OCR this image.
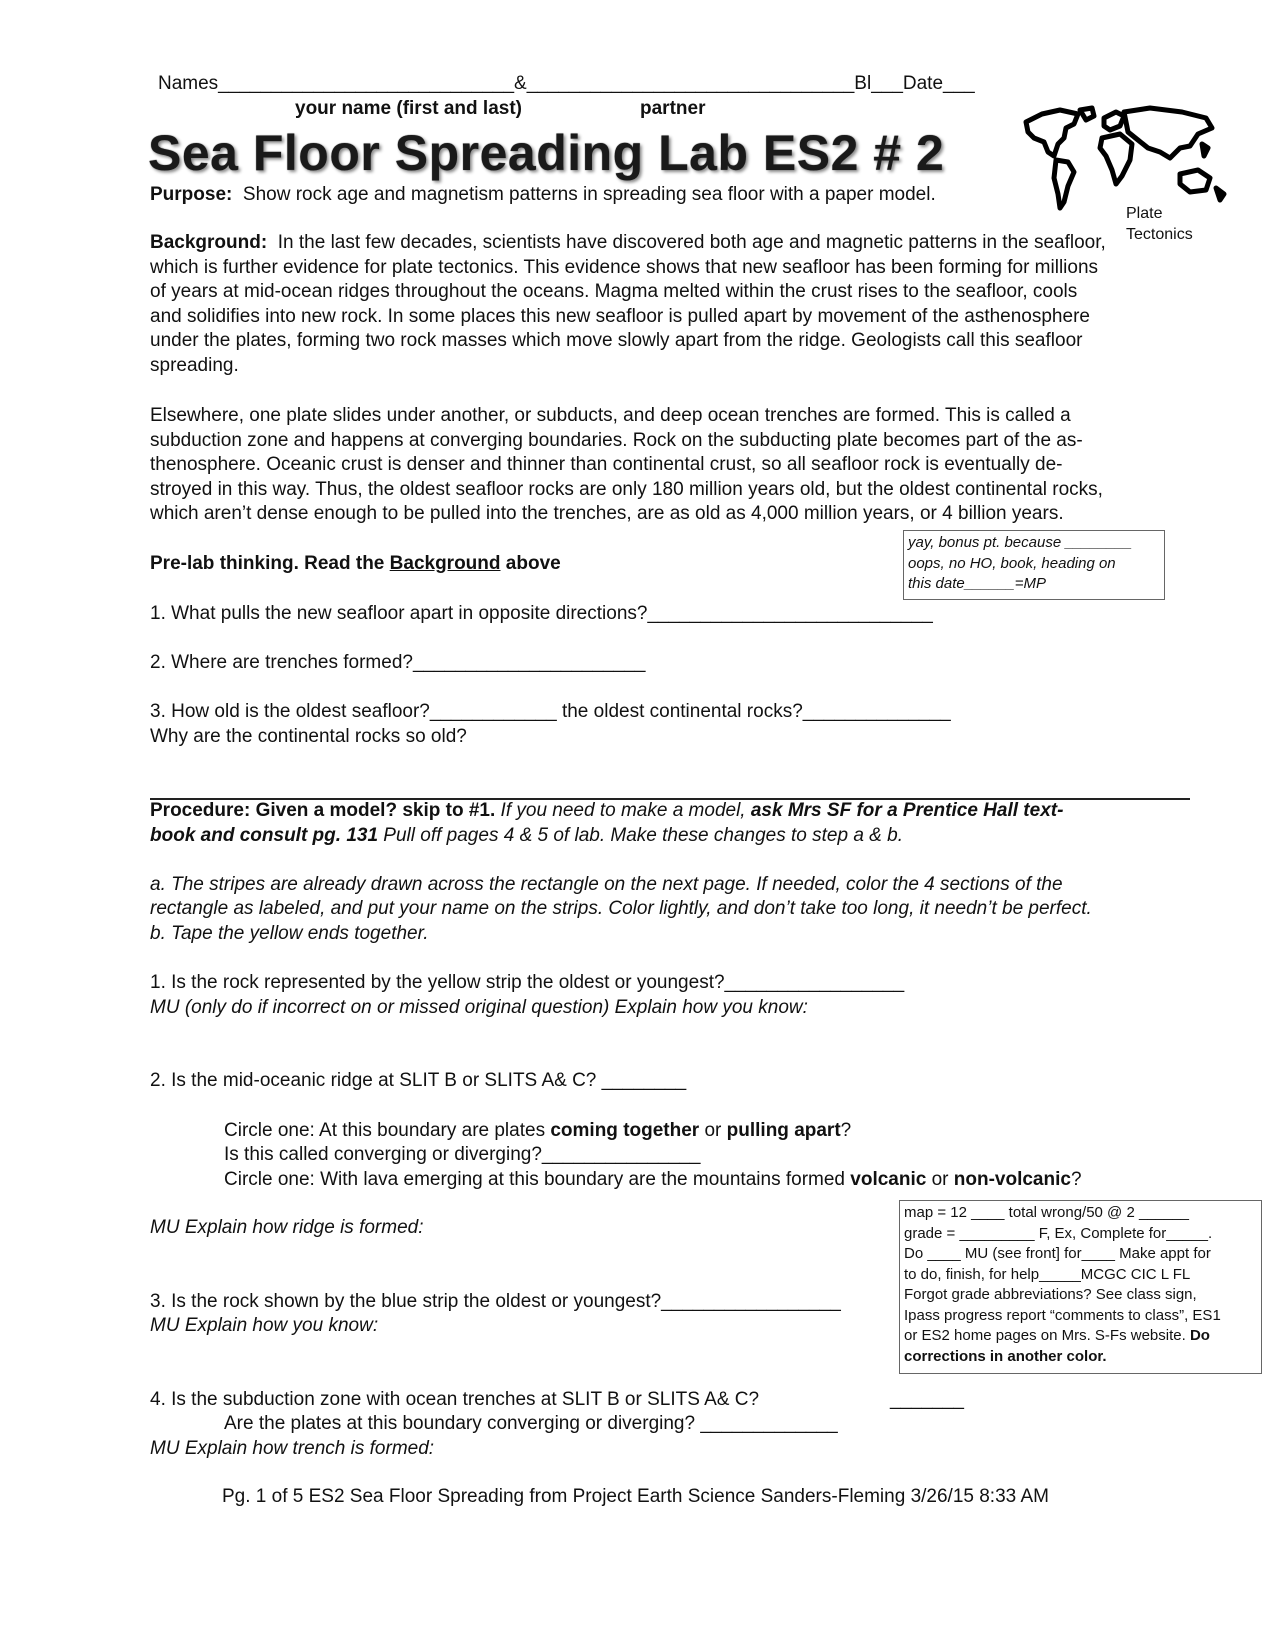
Names____________________________&_______________________________Bl___Date___
your name (first and last)	partner
Sea Floor Spreading Lab ES2 # 2
Plate
Tectonics
Purpose: Show rock age and magnetism patterns in spreading sea floor with a paper model.
Background: In the last few decades, scientists have discovered both age and magnetic patterns in the seafloor,
which is further evidence for plate tectonics. This evidence shows that new seafloor has been forming for millions
of years at mid-ocean ridges throughout the oceans. Magma melted within the crust rises to the seafloor, cools
and solidifies into new rock. In some places this new seafloor is pulled apart by movement of the asthenosphere
under the plates, forming two rock masses which move slowly apart from the ridge. Geologists call this seafloor
spreading.
Elsewhere, one plate slides under another, or subducts, and deep ocean trenches are formed. This is called a
subduction zone and happens at converging boundaries. Rock on the subducting plate becomes part of the as-
thenosphere. Oceanic crust is denser and thinner than continental crust, so all seafloor rock is eventually de-
stroyed in this way. Thus, the oldest seafloor rocks are only 180 million years old, but the oldest continental rocks,
which aren’t dense enough to be pulled into the trenches, are as old as 4,000 million years, or 4 billion years.
yay, bonus pt. because ________
oops, no HO, book, heading on
this date______=MP
Pre-lab thinking. Read the Background above
1. What pulls the new seafloor apart in opposite directions?___________________________
2. Where are trenches formed?______________________
3. How old is the oldest seafloor?____________ the oldest continental rocks?______________
Why are the continental rocks so old?
Procedure: Given a model? skip to #1. If you need to make a model, ask Mrs SF for a Prentice Hall text-
book and consult pg. 131 Pull off pages 4 & 5 of lab. Make these changes to step a & b.
a. The stripes are already drawn across the rectangle on the next page. If needed, color the 4 sections of the
rectangle as labeled, and put your name on the strips. Color lightly, and don’t take too long, it needn’t be perfect.
b. Tape the yellow ends together.
1. Is the rock represented by the yellow strip the oldest or youngest?_________________
MU (only do if incorrect on or missed original question) Explain how you know:
2. Is the mid-oceanic ridge at SLIT B or SLITS A& C? ________
Circle one: At this boundary are plates coming together or pulling apart?
Is this called converging or diverging?_______________
Circle one: With lava emerging at this boundary are the mountains formed volcanic or non-volcanic?
MU Explain how ridge is formed:
3. Is the rock shown by the blue strip the oldest or youngest?_________________
MU Explain how you know:
4. Is the subduction zone with ocean trenches at SLIT B or SLITS A& C?	_______
Are the plates at this boundary converging or diverging? _____________
MU Explain how trench is formed:
map = 12 ____ total wrong/50 @ 2 ______
grade = _________ F, Ex, Complete for_____.
Do ____ MU (see front] for____ Make appt for
to do, finish, for help_____MCGC CIC L FL
Forgot grade abbreviations? See class sign,
Ipass progress report “comments to class”, ES1
or ES2 home pages on Mrs. S-Fs website. Do
corrections in another color.
Pg. 1 of 5 ES2 Sea Floor Spreading from Project Earth Science Sanders-Fleming 3/26/15 8:33 AM
